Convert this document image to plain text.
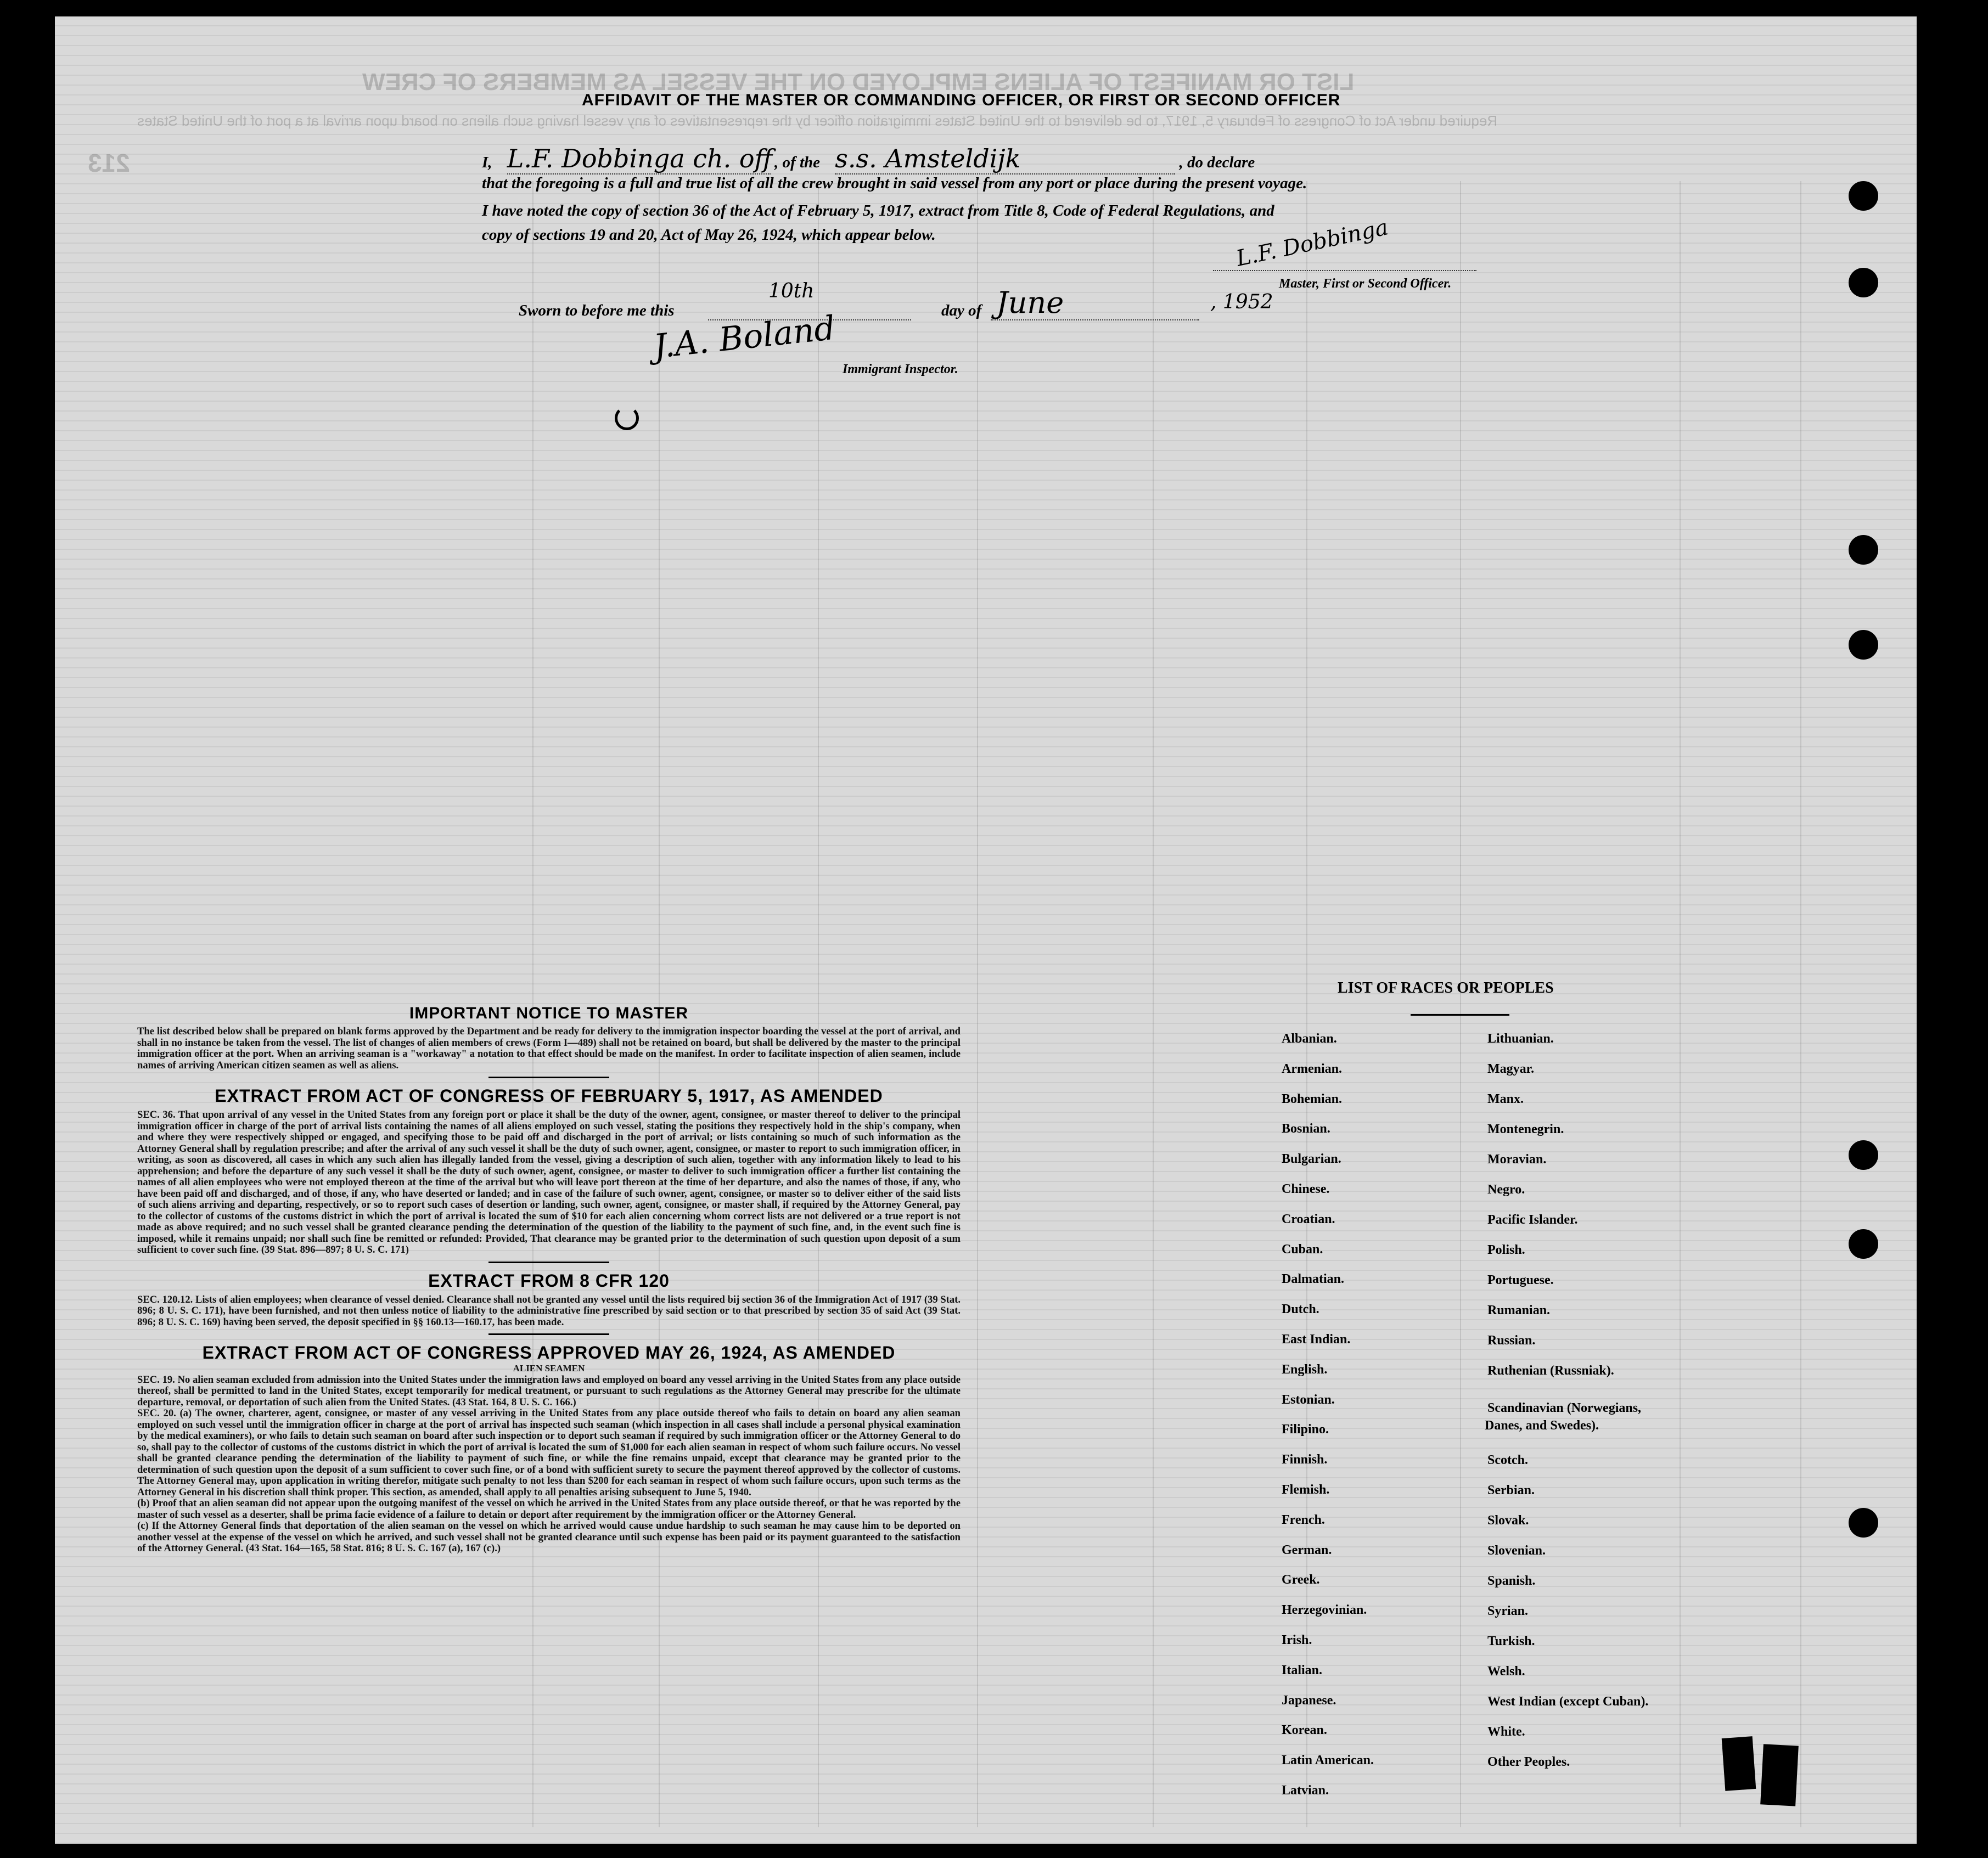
LIST OR MANIFEST OF ALIENS EMPLOYED ON THE VESSEL AS MEMBERS OF CREW
Required under Act of Congress of February 5, 1917, to be delivered to the United States immigration officer by the representatives of any vessel having such aliens on board upon arrival at a port of the United States
213
AFFIDAVIT OF THE MASTER OR COMMANDING OFFICER, OR FIRST OR SECOND OFFICER
I, L.F. Dobbinga ch. off , of the s.s. Amsteldijk	, do declare
that the foregoing is a full and true list of all the crew brought in said vessel from any port or place during the present voyage.
I have noted the copy of section 36 of the Act of February 5, 1917, extract from Title 8, Code of Federal Regulations, and
copy of sections 19 and 20, Act of May 26, 1924, which appear below.	L.F. Dobbinga
Master, First or Second Officer.
Sworn to before me this
10th
day of June	, 1952
J.A. Boland
Immigrant Inspector.

IMPORTANT NOTICE TO MASTER

The list described below shall be prepared on blank forms approved by the Department and be ready for delivery to the immigration inspector boarding the vessel at the port of arrival, and shall in no instance be taken from the vessel. The list of changes of alien members of crews (Form I—489) shall not be retained on board, but shall be delivered by the master to the principal immigration officer at the port. When an arriving seaman is a "workaway" a notation to that effect should be made on the manifest. In order to facilitate inspection of alien seamen, include names of arriving American citizen seamen as well as aliens.

EXTRACT FROM ACT OF CONGRESS OF FEBRUARY 5, 1917, AS AMENDED

SEC. 36. That upon arrival of any vessel in the United States from any foreign port or place it shall be the duty of the owner, agent, consignee, or master thereof to deliver to the principal immigration officer in charge of the port of arrival lists containing the names of all aliens employed on such vessel, stating the positions they respectively hold in the ship's company, when and where they were respectively shipped or engaged, and specifying those to be paid off and discharged in the port of arrival; or lists containing so much of such information as the Attorney General shall by regulation prescribe; and after the arrival of any such vessel it shall be the duty of such owner, agent, consignee, or master to report to such immigration officer, in writing, as soon as discovered, all cases in which any such alien has illegally landed from the vessel, giving a description of such alien, together with any information likely to lead to his apprehension; and before the departure of any such vessel it shall be the duty of such owner, agent, consignee, or master to deliver to such immigration officer a further list containing the names of all alien employees who were not employed thereon at the time of the arrival but who will leave port thereon at the time of her departure, and also the names of those, if any, who have been paid off and discharged, and of those, if any, who have deserted or landed; and in case of the failure of such owner, agent, consignee, or master so to deliver either of the said lists of such aliens arriving and departing, respectively, or so to report such cases of desertion or landing, such owner, agent, consignee, or master shall, if required by the Attorney General, pay to the collector of customs of the customs district in which the port of arrival is located the sum of $10 for each alien concerning whom correct lists are not delivered or a true report is not made as above required; and no such vessel shall be granted clearance pending the determination of the question of the liability to the payment of such fine, and, in the event such fine is imposed, while it remains unpaid; nor shall such fine be remitted or refunded: Provided, That clearance may be granted prior to the determination of such question upon deposit of a sum sufficient to cover such fine. (39 Stat. 896—897; 8 U. S. C. 171)

EXTRACT FROM 8 CFR 120

SEC. 120.12. Lists of alien employees; when clearance of vessel denied. Clearance shall not be granted any vessel until the lists required bij section 36 of the Immigration Act of 1917 (39 Stat. 896; 8 U. S. C. 171), have been furnished, and not then unless notice of liability to the administrative fine prescribed by said section or to that prescribed by section 35 of said Act (39 Stat. 896; 8 U. S. C. 169) having been served, the deposit specified in §§ 160.13—160.17, has been made.

EXTRACT FROM ACT OF CONGRESS APPROVED MAY 26, 1924, AS AMENDED

ALIEN SEAMEN

SEC. 19. No alien seaman excluded from admission into the United States under the immigration laws and employed on board any vessel arriving in the United States from any place outside thereof, shall be permitted to land in the United States, except temporarily for medical treatment, or pursuant to such regulations as the Attorney General may prescribe for the ultimate departure, removal, or deportation of such alien from the United States. (43 Stat. 164, 8 U. S. C. 166.)

SEC. 20. (a) The owner, charterer, agent, consignee, or master of any vessel arriving in the United States from any place outside thereof who fails to detain on board any alien seaman employed on such vessel until the immigration officer in charge at the port of arrival has inspected such seaman (which inspection in all cases shall include a personal physical examination by the medical examiners), or who fails to detain such seaman on board after such inspection or to deport such seaman if required by such immigration officer or the Attorney General to do so, shall pay to the collector of customs of the customs district in which the port of arrival is located the sum of $1,000 for each alien seaman in respect of whom such failure occurs. No vessel shall be granted clearance pending the determination of the liability to payment of such fine, or while the fine remains unpaid, except that clearance may be granted prior to the determination of such question upon the deposit of a sum sufficient to cover such fine, or of a bond with sufficient surety to secure the payment thereof approved by the collector of customs. The Attorney General may, upon application in writing therefor, mitigate such penalty to not less than $200 for each seaman in respect of whom such failure occurs, upon such terms as the Attorney General in his discretion shall think proper. This section, as amended, shall apply to all penalties arising subsequent to June 5, 1940.

(b) Proof that an alien seaman did not appear upon the outgoing manifest of the vessel on which he arrived in the United States from any place outside thereof, or that he was reported by the master of such vessel as a deserter, shall be prima facie evidence of a failure to detain or deport after requirement by the immigration officer or the Attorney General.

(c) If the Attorney General finds that deportation of the alien seaman on the vessel on which he arrived would cause undue hardship to such seaman he may cause him to be deported on another vessel at the expense of the vessel on which he arrived, and such vessel shall not be granted clearance until such expense has been paid or its payment guaranteed to the satisfaction of the Attorney General. (43 Stat. 164—165, 58 Stat. 816; 8 U. S. C. 167 (a), 167 (c).)

LIST OF RACES OR PEOPLES
Albanian.
Armenian.
Bohemian.
Bosnian.
Bulgarian.
Chinese.
Croatian.
Cuban.
Dalmatian.
Dutch.
East Indian.
English.
Estonian.
Filipino.
Finnish.
Flemish.
French.
German.
Greek.
Herzegovinian.
Irish.
Italian.
Japanese.
Korean.
Latin American.
Latvian.
Lithuanian.
Magyar.
Manx.
Montenegrin.
Moravian.
Negro.
Pacific Islander.
Polish.
Portuguese.
Rumanian.
Russian.
Ruthenian (Russniak).
Scandinavian (Norwegians,
Danes, and Swedes).
Scotch.
Serbian.
Slovak.
Slovenian.
Spanish.
Syrian.
Turkish.
Welsh.
West Indian (except Cuban).
White.
Other Peoples.
